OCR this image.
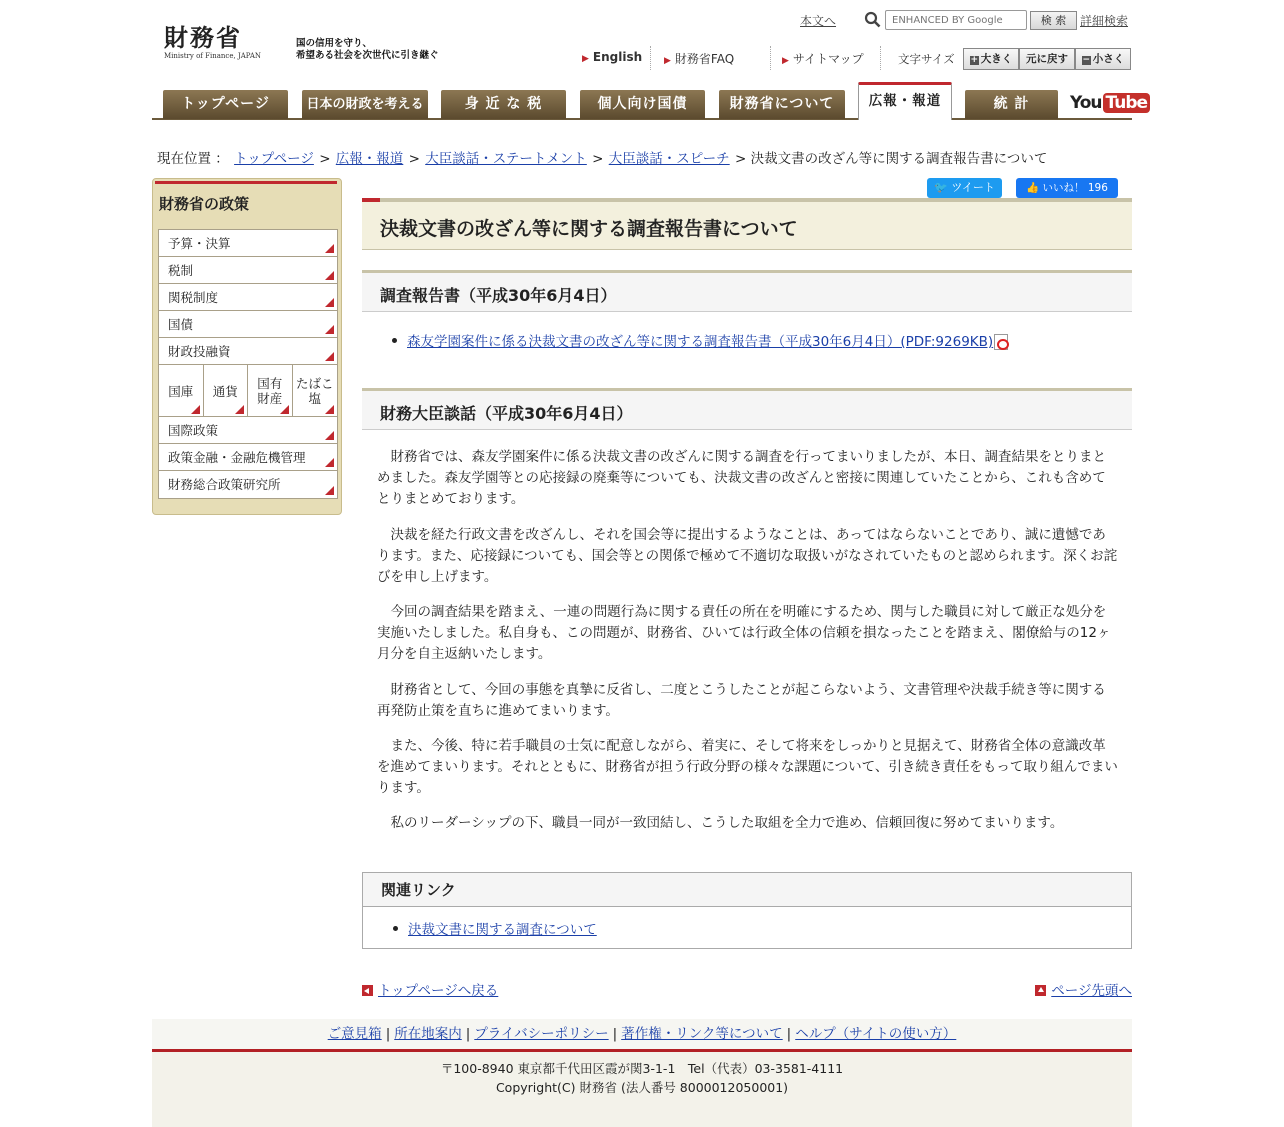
財務省
Ministry of Finance, JAPAN
国の信用を守り、
希望ある社会を次世代に引き継ぐ
本文へ
ENHANCED BY Google	検 索	詳細検索
▶ English ▶ 財務省FAQ	▶ サイトマップ	文字サイズ	+ 大きく	元に戻す	− 小さく
トップページ	日本の財政を考える	身 近 な 税	個人向け国債	財務省について	広報・報道	統 計	You Tube
現在位置 ： トップページ > 広報・報道 > 大臣談話・ステートメント > 大臣談話・スピーチ > 決裁文書の改ざん等に関する調査報告書について
財務省の政策
予算・決算
税制
関税制度
国債
財政投融資
国庫 通貨 国有財産
たばこ塩
国際政策
政策金融・金融危機管理
財務総合政策研究所
🐦 ツイート	👍 いいね！ 196
決裁文書の改ざん等に関する調査報告書について
調査報告書（平成30年6月4日）
森友学園案件に係る決裁文書の改ざん等に関する調査報告書（平成30年6月4日）(PDF:9269KB)
財務大臣談話（平成30年6月4日）

財務省では、森友学園案件に係る決裁文書の改ざんに関する調査を行ってまいりましたが、本日、調査結果をとりまとめました。森友学園等との応接録の廃棄等についても、決裁文書の改ざんと密接に関連していたことから、これも含めてとりまとめております。

決裁を経た行政文書を改ざんし、それを国会等に提出するようなことは、あってはならないことであり、誠に遺憾であります。また、応接録についても、国会等との関係で極めて不適切な取扱いがなされていたものと認められます。深くお詫びを申し上げます。

今回の調査結果を踏まえ、一連の問題行為に関する責任の所在を明確にするため、関与した職員に対して厳正な処分を実施いたしました。私自身も、この問題が、財務省、ひいては行政全体の信頼を損なったことを踏まえ、閣僚給与の12ヶ月分を自主返納いたします。

財務省として、今回の事態を真摯に反省し、二度とこうしたことが起こらないよう、文書管理や決裁手続き等に関する再発防止策を直ちに進めてまいります。

また、今後、特に若手職員の士気に配意しながら、着実に、そして将来をしっかりと見据えて、財務省全体の意識改革を進めてまいります。それとともに、財務省が担う行政分野の様々な課題について、引き続き責任をもって取り組んでまいります。

私のリーダーシップの下、職員一同が一致団結し、こうした取組を全力で進め、信頼回復に努めてまいります。

関連リンク
決裁文書に関する調査について
トップページへ戻る	ページ先頭へ
ご意見箱 | 所在地案内 | プライバシーポリシー | 著作権・リンク等について | ヘルプ（サイトの使い方）
〒100-8940 東京都千代田区霞が関3-1-1　Tel（代表）03-3581-4111
Copyright(C) 財務省 (法人番号 8000012050001)
